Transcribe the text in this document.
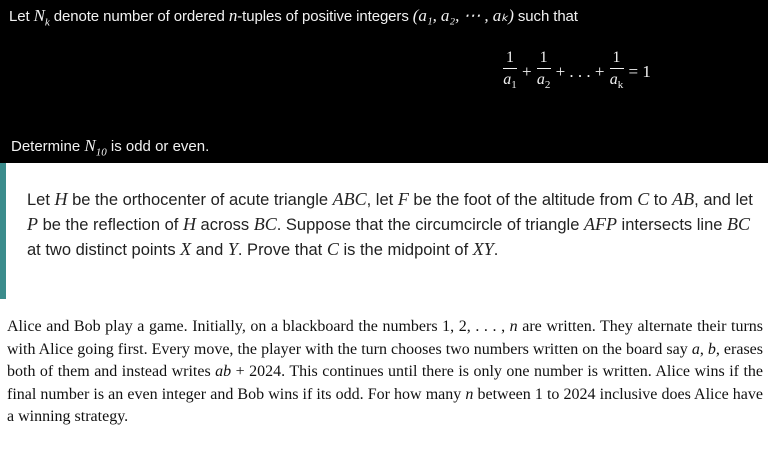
Let $N_k$ denote number of ordered n-tuples of positive integers (a₁, a₂, ⋯ , aₖ) such that
$\frac{1}{a_1} + \frac{1}{a_2}$ + . . . + $\frac{1}{a_k} = 1$
Determine $N_{10}$ is odd or even.
Let H be the orthocenter of acute triangle ABC, let F be the foot of the altitude from C to AB, and let P be the reflection of H across BC. Suppose that the circumcircle of triangle AFP intersects line BC at two distinct points X and Y. Prove that C is the midpoint of XY.
Alice and Bob play a game. Initially, on a blackboard the numbers 1, 2, . . . , n are written. They alternate their turns with Alice going first. Every move, the player with the turn chooses two numbers written on the board say a, b, erases both of them and instead writes ab + 2024. This continues until there is only one number is written. Alice wins if the final number is an even integer and Bob wins if its odd. For how many n between 1 to 2024 inclusive does Alice have a winning strategy.
